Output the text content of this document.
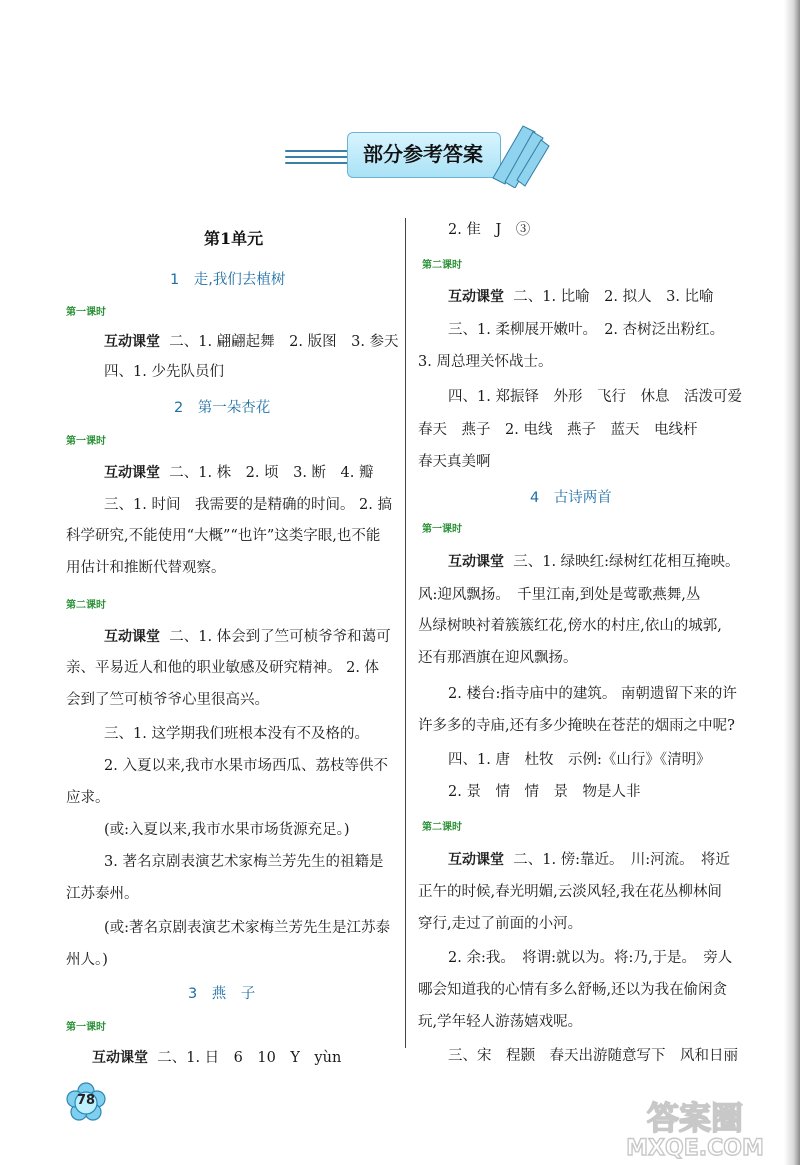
部分参考答案
第1单元
1　走,我们去植树
第一课时
互动课堂 二、1. 翩翩起舞　2. 版图　3. 参天
四、1. 少先队员们
2　第一朵杏花
第一课时
互动课堂 二、1. 株　2. 顷　3. 断　4. 瓣
三、1. 时间　我需要的是精确的时间。 2. 搞
科学研究,不能使用“大概”“也许”这类字眼,也不能
用估计和推断代替观察。
第二课时
互动课堂 二、1. 体会到了竺可桢爷爷和蔼可
亲、平易近人和他的职业敏感及研究精神。 2. 体
会到了竺可桢爷爷心里很高兴。
三、1. 这学期我们班根本没有不及格的。
2. 入夏以来,我市水果市场西瓜、荔枝等供不
应求。
(或:入夏以来,我市水果市场货源充足。)
3. 著名京剧表演艺术家梅兰芳先生的祖籍是
江苏泰州。
(或:著名京剧表演艺术家梅兰芳先生是江苏泰
州人。)
3　燕　子
第一课时
互动课堂 二、1. 日　6　10　Y　yùn
2. 隹　J　③
第二课时
互动课堂 二、1. 比喻　2. 拟人　3. 比喻
三、1. 柔柳展开嫩叶。　2. 杏树泛出粉红。
3. 周总理关怀战士。
四、1. 郑振铎　外形　飞行　休息　活泼可爱
春天　燕子　2. 电线　燕子　蓝天　电线杆
春天真美啊
4　古诗两首
第一课时
互动课堂 三、1. 绿映红:绿树红花相互掩映。
风:迎风飘扬。　千里江南,到处是莺歌燕舞,丛
丛绿树映衬着簇簇红花,傍水的村庄,依山的城郭,
还有那酒旗在迎风飘扬。
2. 楼台:指寺庙中的建筑。 南朝遗留下来的许
许多多的寺庙,还有多少掩映在苍茫的烟雨之中呢?
四、1. 唐　杜牧　示例:《山行》《清明》
2. 景　情　情　景　物是人非
第二课时
互动课堂 二、1. 傍:靠近。　川:河流。　将近
正午的时候,春光明媚,云淡风轻,我在花丛柳林间
穿行,走过了前面的小河。
2. 余:我。　将谓:就以为。将:乃,于是。　旁人
哪会知道我的心情有多么舒畅,还以为我在偷闲贪
玩,学年轻人游荡嬉戏呢。
三、宋　程颢　春天出游随意写下　风和日丽
78	答案圈
MXQE.COM
